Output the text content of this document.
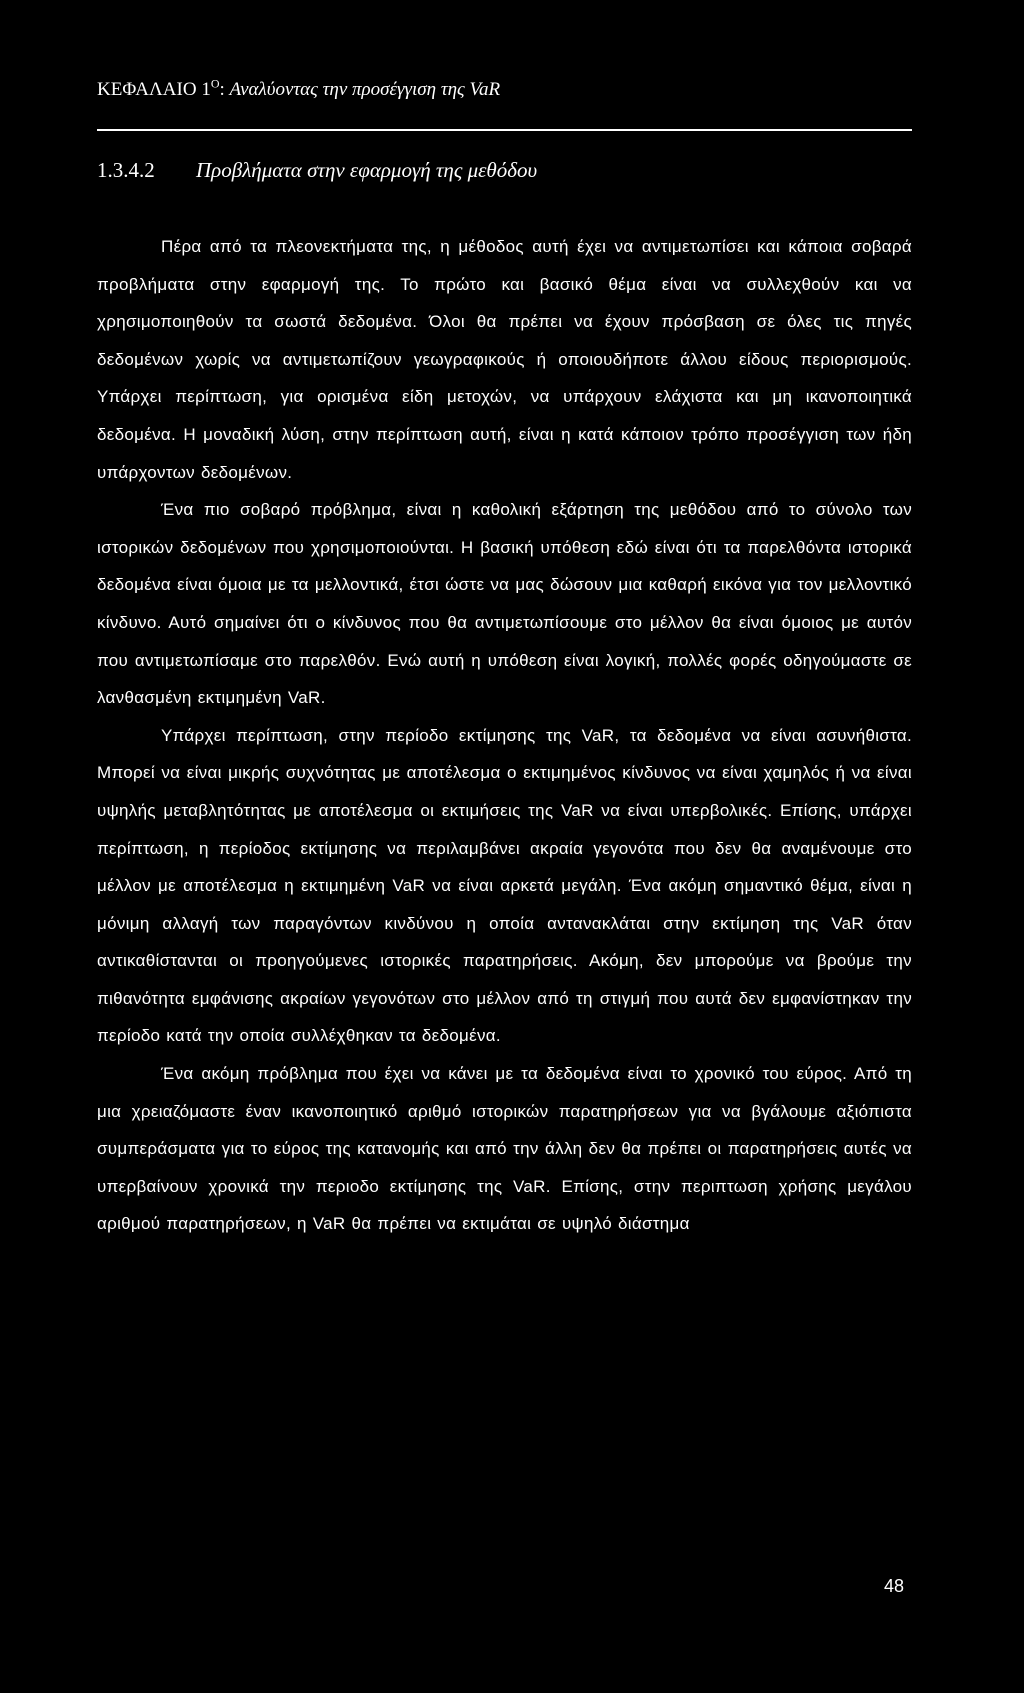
ΚΕΦΑΛΑΙΟ $1^O$: Αναλύοντας την προσέγγιση της VaR
1.3.4.2 Προβλήματα στην εφαρμογή της μεθόδου

Πέρα από τα πλεονεκτήματα της, η μέθοδος αυτή έχει να αντιμετωπίσει και κάποια σοβαρά προβλήματα στην εφαρμογή της. Το πρώτο και βασικό θέμα είναι να συλλεχθούν και να χρησιμοποιηθούν τα σωστά δεδομένα. Όλοι θα πρέπει να έχουν πρόσβαση σε όλες τις πηγές δεδομένων χωρίς να αντιμετωπίζουν γεωγραφικούς ή οποιουδήποτε άλλου είδους περιορισμούς. Υπάρχει περίπτωση, για ορισμένα είδη μετοχών, να υπάρχουν ελάχιστα και μη ικανοποιητικά δεδομένα. Η μοναδική λύση, στην περίπτωση αυτή, είναι η κατά κάποιον τρόπο προσέγγιση των ήδη υπάρχοντων δεδομένων.

Ένα πιο σοβαρό πρόβλημα, είναι η καθολική εξάρτηση της μεθόδου από το σύνολο των ιστορικών δεδομένων που χρησιμοποιούνται. Η βασική υπόθεση εδώ είναι ότι τα παρελθόντα ιστορικά δεδομένα είναι όμοια με τα μελλοντικά, έτσι ώστε να μας δώσουν μια καθαρή εικόνα για τον μελλοντικό κίνδυνο. Αυτό σημαίνει ότι ο κίνδυνος που θα αντιμετωπίσουμε στο μέλλον θα είναι όμοιος με αυτόν που αντιμετωπίσαμε στο παρελθόν. Ενώ αυτή η υπόθεση είναι λογική, πολλές φορές οδηγούμαστε σε λανθασμένη εκτιμημένη VaR.

Υπάρχει περίπτωση, στην περίοδο εκτίμησης της VaR, τα δεδομένα να είναι ασυνήθιστα. Μπορεί να είναι μικρής συχνότητας με αποτέλεσμα ο εκτιμημένος κίνδυνος να είναι χαμηλός ή να είναι υψηλής μεταβλητότητας με αποτέλεσμα οι εκτιμήσεις της VaR να είναι υπερβολικές. Επίσης, υπάρχει περίπτωση, η περίοδος εκτίμησης να περιλαμβάνει ακραία γεγονότα που δεν θα αναμένουμε στο μέλλον με αποτέλεσμα η εκτιμημένη VaR να είναι αρκετά μεγάλη. Ένα ακόμη σημαντικό θέμα, είναι η μόνιμη αλλαγή των παραγόντων κινδύνου η οποία αντανακλάται στην εκτίμηση της VaR όταν αντικαθίστανται οι προηγούμενες ιστορικές παρατηρήσεις. Ακόμη, δεν μπορούμε να βρούμε την πιθανότητα εμφάνισης ακραίων γεγονότων στο μέλλον από τη στιγμή που αυτά δεν εμφανίστηκαν την περίοδο κατά την οποία συλλέχθηκαν τα δεδομένα.

Ένα ακόμη πρόβλημα που έχει να κάνει με τα δεδομένα είναι το χρονικό του εύρος. Από τη μια χρειαζόμαστε έναν ικανοποιητικό αριθμό ιστορικών παρατηρήσεων για να βγάλουμε αξιόπιστα συμπεράσματα για το εύρος της κατανομής και από την άλλη δεν θα πρέπει οι παρατηρήσεις αυτές να υπερβαίνουν χρονικά την περιοδο εκτίμησης της VaR. Επίσης, στην περιπτωση χρήσης μεγάλου αριθμού παρατηρήσεων, η VaR θα πρέπει να εκτιμάται σε υψηλό διάστημα

48
